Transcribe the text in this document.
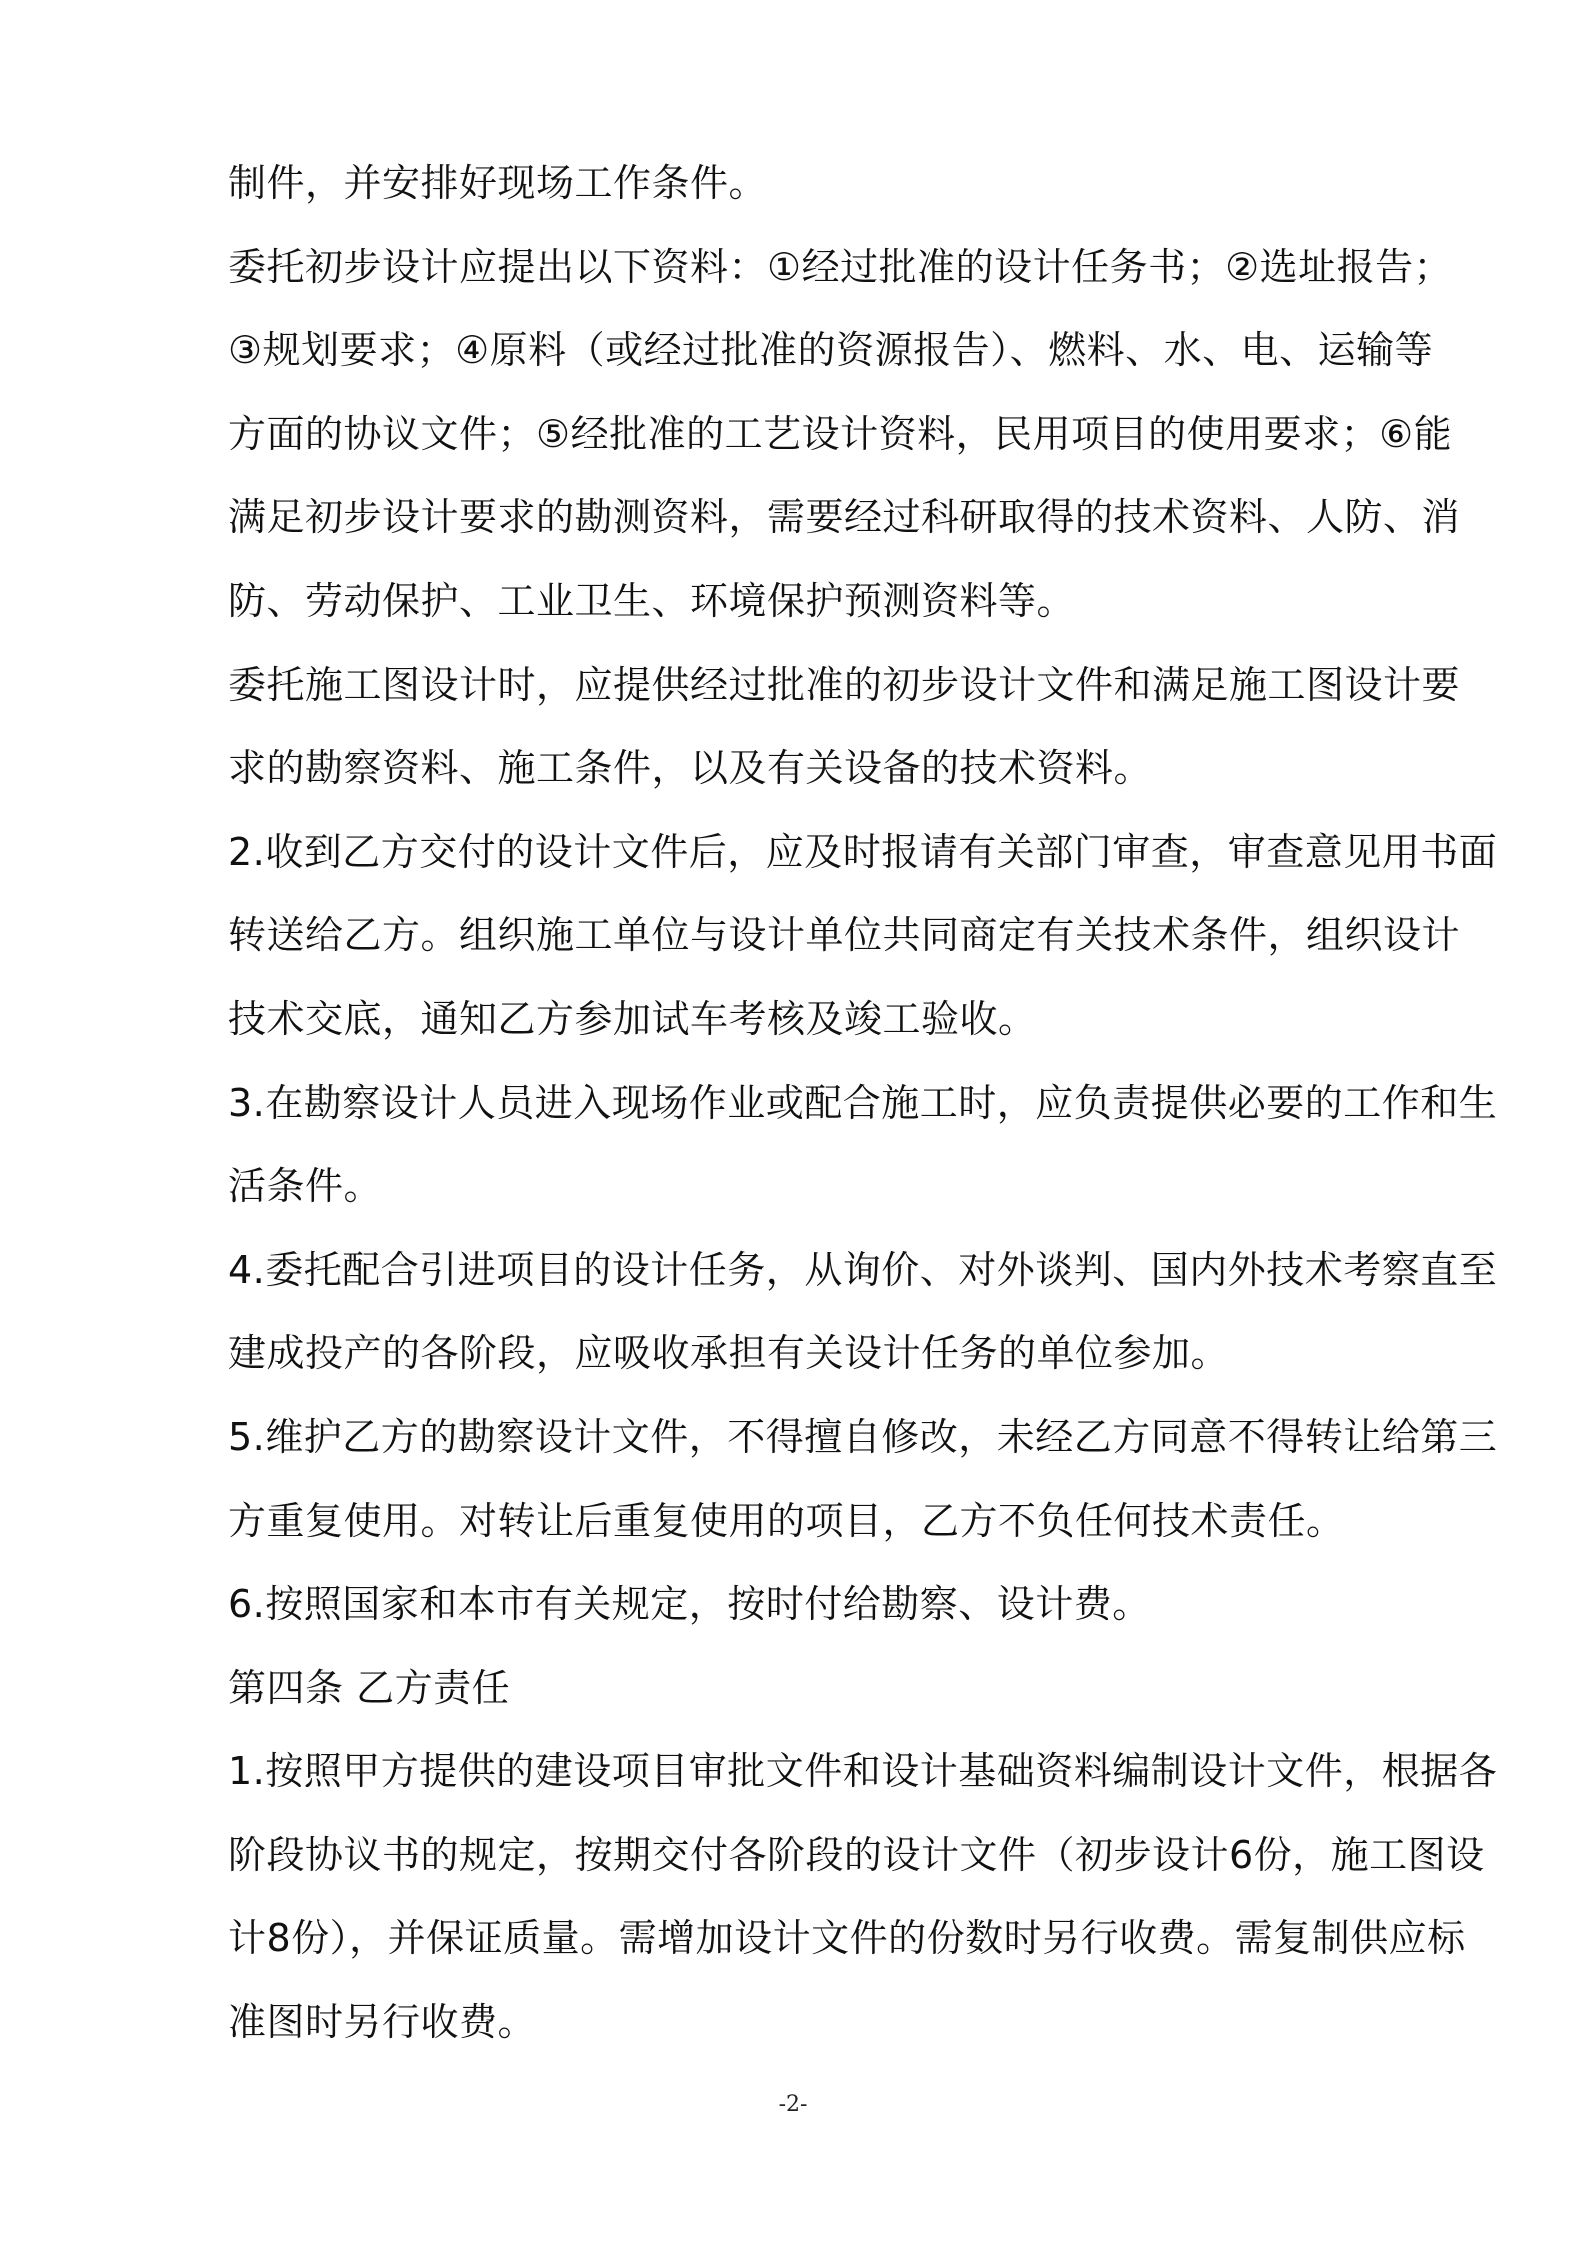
制件，并安排好现场工作条件。
委托初步设计应提出以下资料：①经过批准的设计任务书；②选址报告；
③规划要求；④原料（或经过批准的资源报告）、燃料、水、电、运输等
方面的协议文件；⑤经批准的工艺设计资料，民用项目的使用要求；⑥能
满足初步设计要求的勘测资料，需要经过科研取得的技术资料、人防、消
防、劳动保护、工业卫生、环境保护预测资料等。
委托施工图设计时，应提供经过批准的初步设计文件和满足施工图设计要
求的勘察资料、施工条件，以及有关设备的技术资料。
2.收到乙方交付的设计文件后，应及时报请有关部门审查，审查意见用书面
转送给乙方。组织施工单位与设计单位共同商定有关技术条件，组织设计
技术交底，通知乙方参加试车考核及竣工验收。
3.在勘察设计人员进入现场作业或配合施工时，应负责提供必要的工作和生
活条件。
4.委托配合引进项目的设计任务，从询价、对外谈判、国内外技术考察直至
建成投产的各阶段，应吸收承担有关设计任务的单位参加。
5.维护乙方的勘察设计文件，不得擅自修改，未经乙方同意不得转让给第三
方重复使用。对转让后重复使用的项目，乙方不负任何技术责任。
6.按照国家和本市有关规定，按时付给勘察、设计费。
第四条 乙方责任
1.按照甲方提供的建设项目审批文件和设计基础资料编制设计文件，根据各
阶段协议书的规定，按期交付各阶段的设计文件（初步设计6份，施工图设
计8份），并保证质量。需增加设计文件的份数时另行收费。需复制供应标
准图时另行收费。
-2-
